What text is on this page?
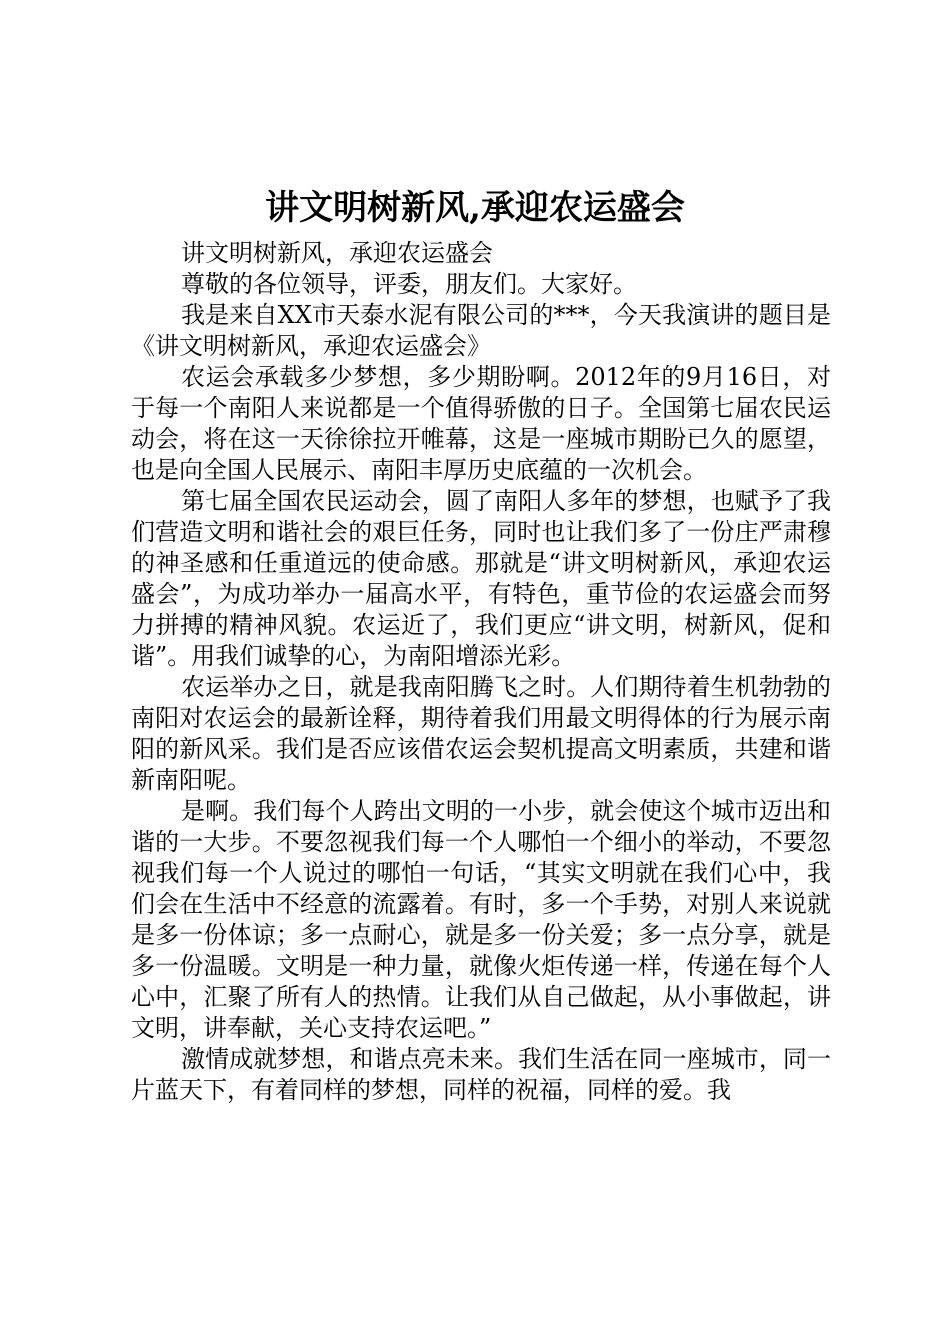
讲文明树新风,承迎农运盛会

讲文明树新风，承迎农运盛会

尊敬的各位领导，评委，朋友们。大家好。

我是来自XX市天泰水泥有限公司的***，今天我演讲的题目是《讲文明树新风，承迎农运盛会》

农运会承载多少梦想，多少期盼啊。2012年的9月16日，对于每一个南阳人来说都是一个值得骄傲的日子。全国第七届农民运动会，将在这一天徐徐拉开帷幕，这是一座城市期盼已久的愿望，也是向全国人民展示、南阳丰厚历史底蕴的一次机会。

第七届全国农民运动会，圆了南阳人多年的梦想，也赋予了我们营造文明和谐社会的艰巨任务，同时也让我们多了一份庄严肃穆的神圣感和任重道远的使命感。那就是“讲文明树新风，承迎农运盛会”，为成功举办一届高水平，有特色，重节俭的农运盛会而努力拼搏的精神风貌。农运近了，我们更应“讲文明，树新风，促和谐”。用我们诚挚的心，为南阳增添光彩。

农运举办之日，就是我南阳腾飞之时。人们期待着生机勃勃的南阳对农运会的最新诠释，期待着我们用最文明得体的行为展示南阳的新风采。我们是否应该借农运会契机提高文明素质，共建和谐新南阳呢。

是啊。我们每个人跨出文明的一小步，就会使这个城市迈出和谐的一大步。不要忽视我们每一个人哪怕一个细小的举动，不要忽视我们每一个人说过的哪怕一句话，“其实文明就在我们心中，我们会在生活中不经意的流露着。有时，多一个手势，对别人来说就是多一份体谅；多一点耐心，就是多一份关爱；多一点分享，就是多一份温暖。文明是一种力量，就像火炬传递一样，传递在每个人心中，汇聚了所有人的热情。让我们从自己做起，从小事做起，讲文明，讲奉献，关心支持农运吧。”

激情成就梦想，和谐点亮未来。我们生活在同一座城市，同一片蓝天下，有着同样的梦想，同样的祝福，同样的爱。我
